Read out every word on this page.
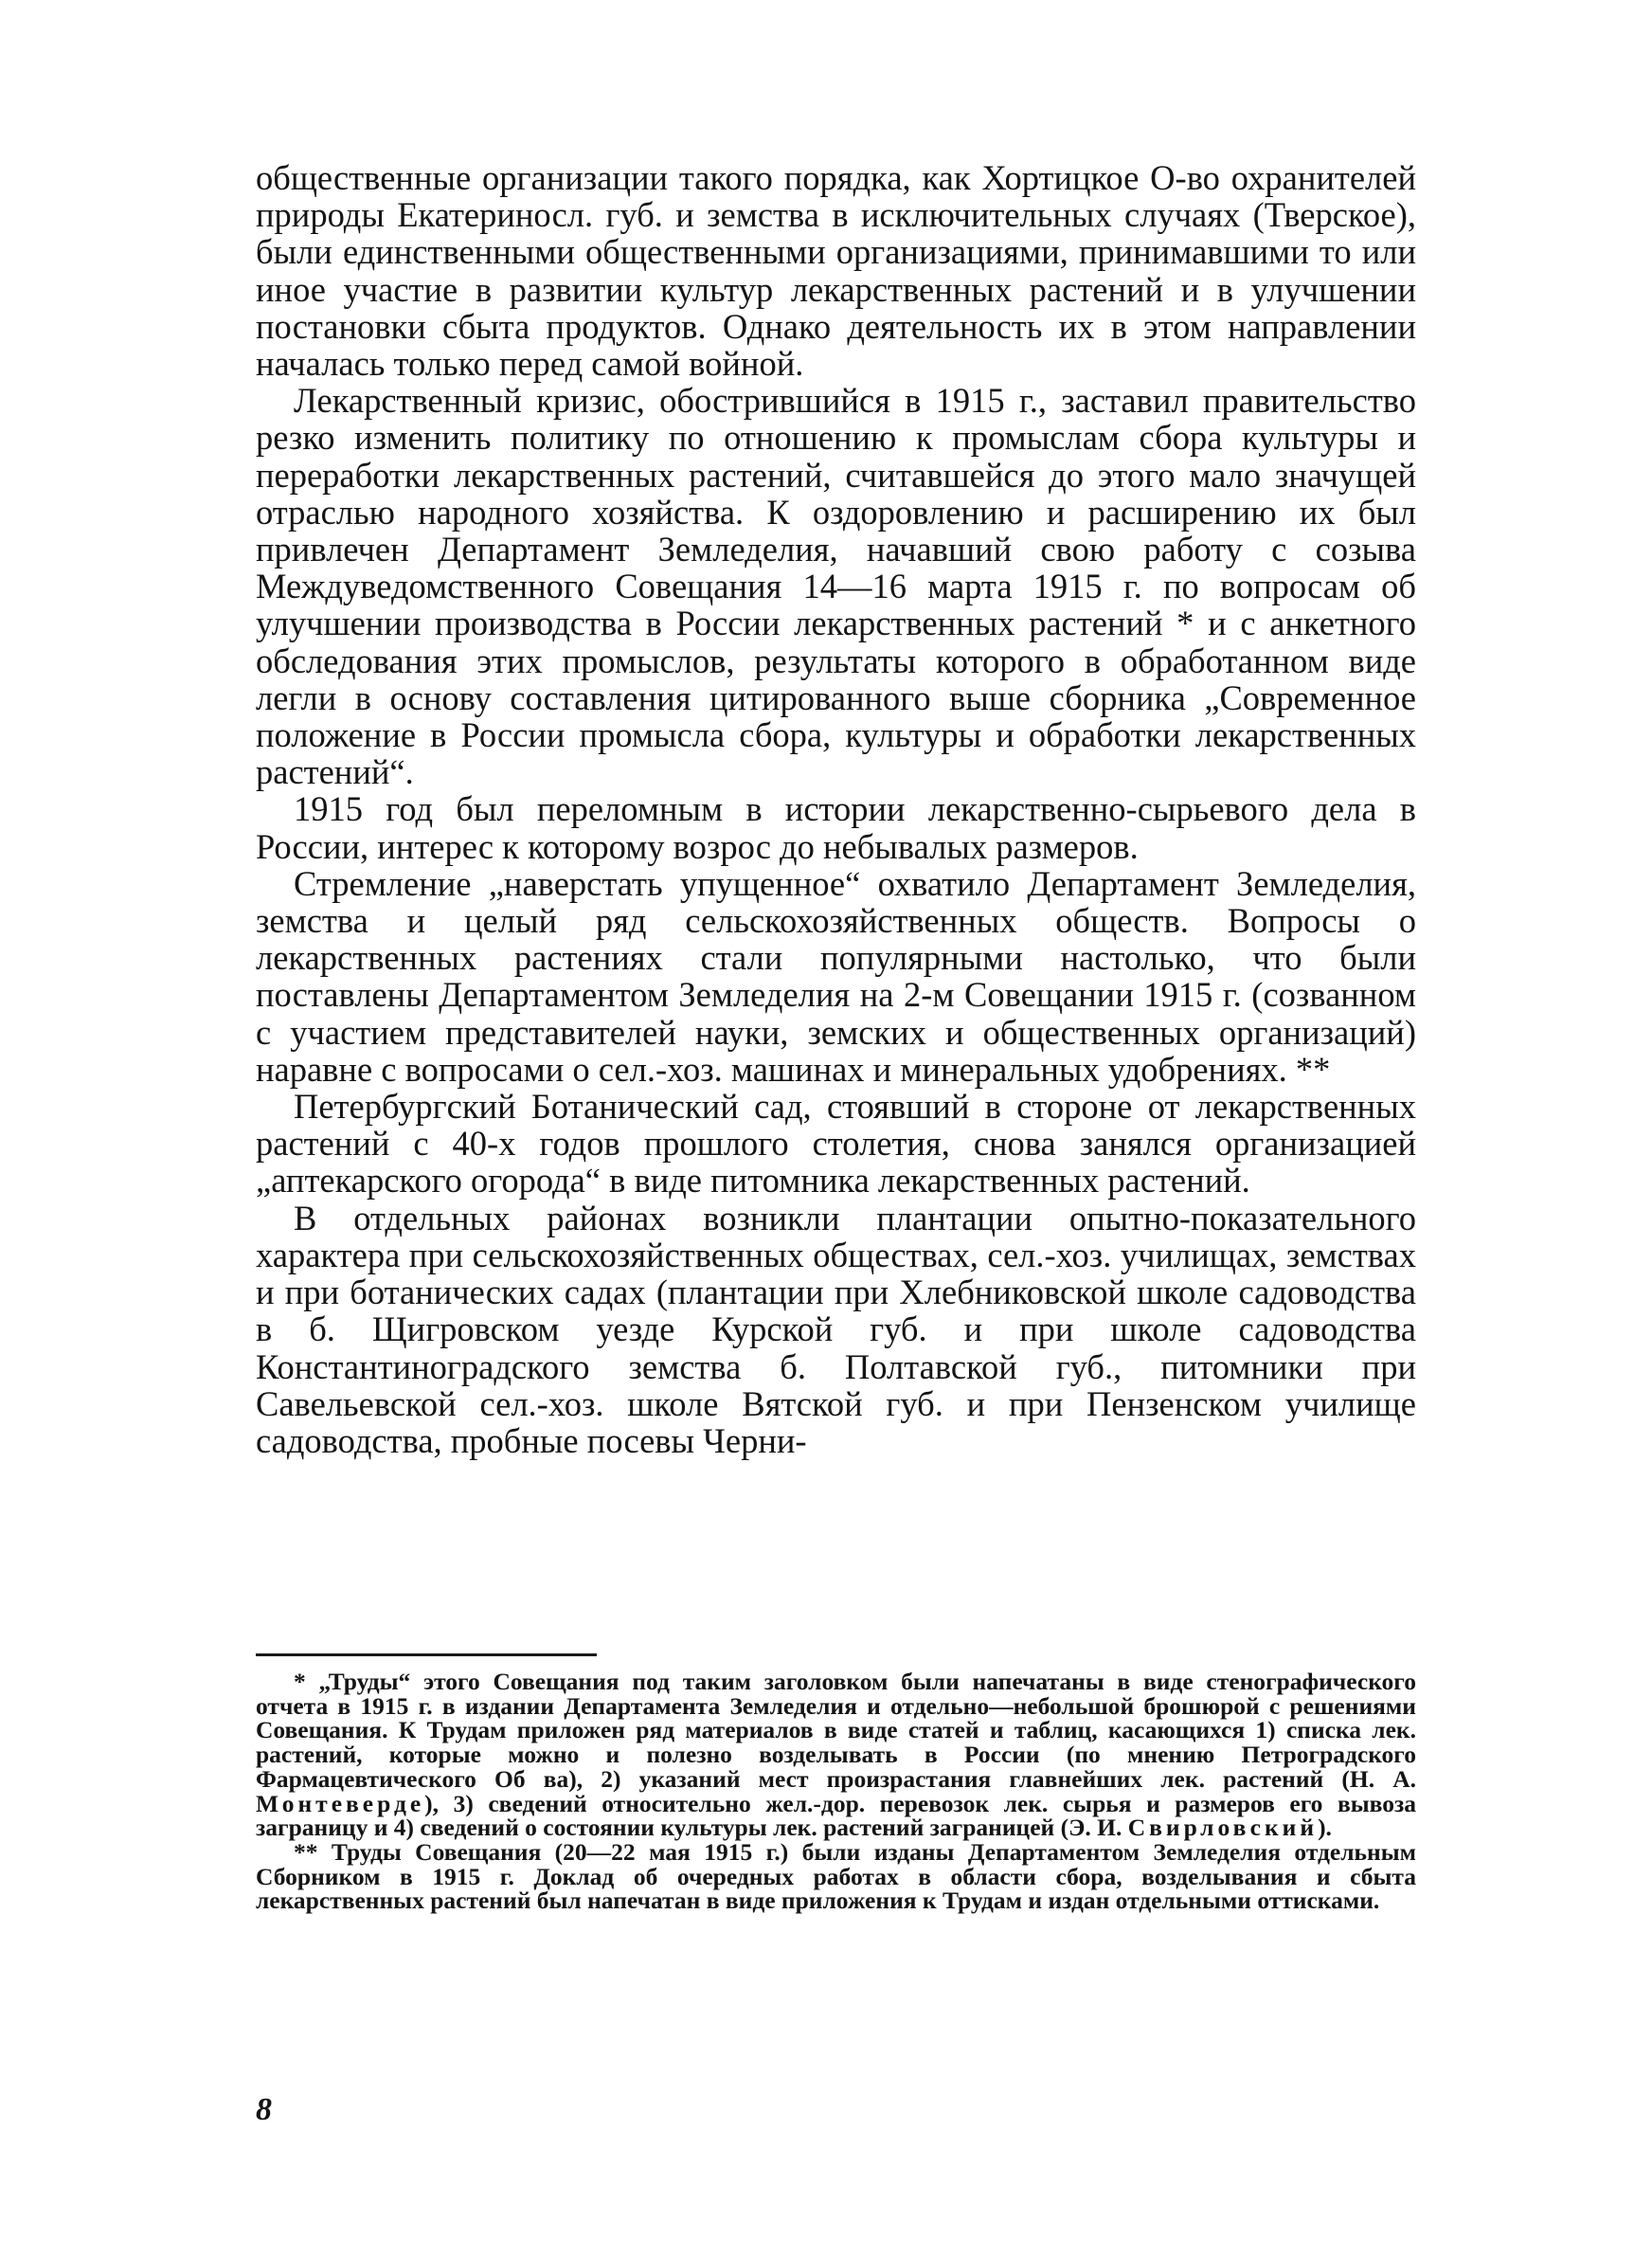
общественные организации такого порядка, как Хортицкое О-во охранителей природы Екатериносл. губ. и земства в исключительных случаях (Тверское), были единственными общественными организациями, принимавшими то или иное участие в развитии культур лекарственных растений и в улучшении постановки сбыта продуктов. Однако деятельность их в этом направлении началась только перед самой войной.

Лекарственный кризис, обострившийся в 1915 г., заставил правительство резко изменить политику по отношению к промыслам сбора культуры и переработки лекарственных растений, считавшейся до этого мало значущей отраслью народного хозяйства. К оздоровлению и расширению их был привлечен Департамент Земледелия, начавший свою работу с созыва Междуведомственного Совещания 14—16 марта 1915 г. по вопросам об улучшении производства в России лекарственных растений * и с анкетного обследования этих промыслов, результаты которого в обработанном виде легли в основу составления цитированного выше сборника „Современное положение в России промысла сбора, культуры и обработки лекарственных растений“.

1915 год был переломным в истории лекарственно-сырьевого дела в России, интерес к которому возрос до небывалых размеров.

Стремление „наверстать упущенное“ охватило Департамент Земледелия, земства и целый ряд сельскохозяйственных обществ. Вопросы о лекарственных растениях стали популярными настолько, что были поставлены Департаментом Земледелия на 2-м Совещании 1915 г. (созванном с участием представителей науки, земских и общественных организаций) наравне с вопросами о сел.-хоз. машинах и минеральных удобрениях. **

Петербургский Ботанический сад, стоявший в стороне от лекарственных растений с 40-х годов прошлого столетия, снова занялся организацией „аптекарского огорода“ в виде питомника лекарственных растений.

В отдельных районах возникли плантации опытно-показательного характера при сельскохозяйственных обществах, сел.-хоз. училищах, земствах и при ботанических садах (плантации при Хлебниковской школе садоводства в б. Щигровском уезде Курской губ. и при школе садоводства Константиноградского земства б. Полтавской губ., питомники при Савельевской сел.-хоз. школе Вятской губ. и при Пензенском училище садоводства, пробные посевы Черни-

* „Труды“ этого Совещания под таким заголовком были напечатаны в виде стенографического отчета в 1915 г. в издании Департамента Земледелия и отдельно—небольшой брошюрой с решениями Совещания. К Трудам приложен ряд материалов в виде статей и таблиц, касающихся 1) списка лек. растений, которые можно и полезно возделывать в России (по мнению Петроградского Фармацевтического Об ва), 2) указаний мест произрастания главнейших лек. растений (Н. А. Монтеверде), 3) сведений относительно жел.-дор. перевозок лек. сырья и размеров его вывоза заграницу и 4) сведений о состоянии культуры лек. растений заграницей (Э. И. Свирловский).

** Труды Совещания (20—22 мая 1915 г.) были изданы Департаментом Земледелия отдельным Сборником в 1915 г. Доклад об очередных работах в области сбора, возделывания и сбыта лекарственных растений был напечатан в виде приложения к Трудам и издан отдельными оттисками.

8
